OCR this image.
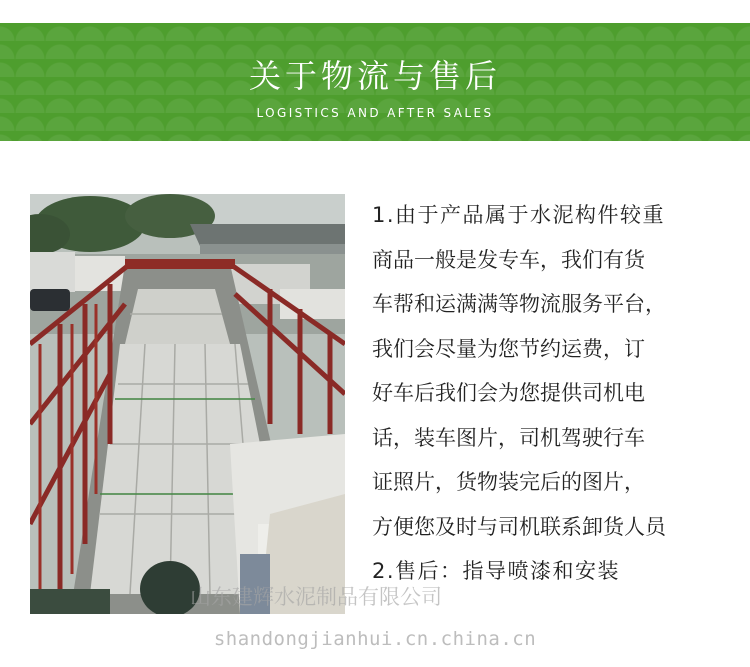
关于物流与售后
LOGISTICS AND AFTER SALES
1.由于产品属于水泥构件较重
商品一般是发专车，我们有货
车帮和运满满等物流服务平台，
我们会尽量为您节约运费，订
好车后我们会为您提供司机电
话，装车图片，司机驾驶行车
证照片，货物装完后的图片，
方便您及时与司机联系卸货人员
2.售后：指导喷漆和安装
山东建辉水泥制品有限公司
shandongjianhui.cn.china.cn
